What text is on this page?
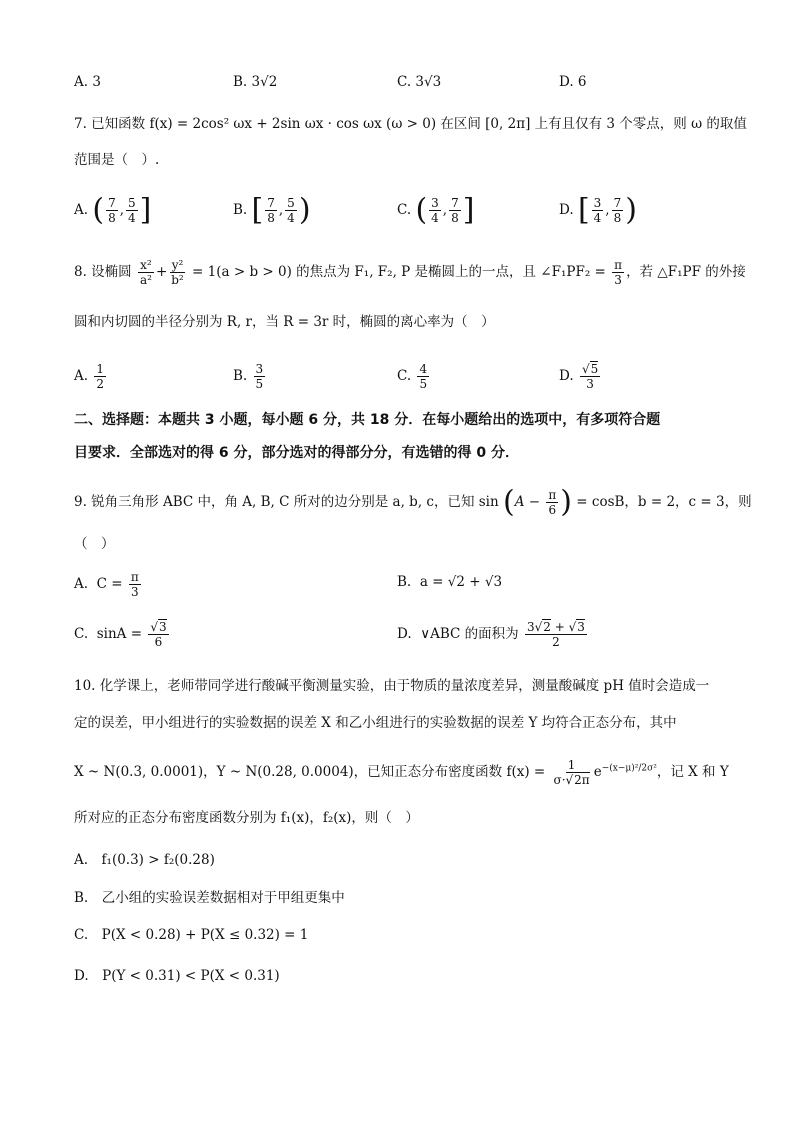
A. 3	B. 3√2	C. 3√3	D. 6
7. 已知函数 f(x) = 2cos² ωx + 2sin ωx · cos ωx (ω > 0) 在区间 [0, 2π] 上有且仅有 3 个零点，则 ω 的取值
范围是（　）.
A. ( $\frac{7}{8}$ , $\frac{5}{4}$ ]	B. [ $\frac{7}{8}$ , $\frac{5}{4}$ )	C. ( $\frac{3}{4}$ , $\frac{7}{8}$ ]	D. [ $\frac{3}{4}$ , $\frac{7}{8}$ )
8. 设椭圆 $\frac{\text{x²}}{\text{a²}} + \frac{\text{y²}}{\text{b²}} = 1(a > b > 0)$ 的焦点为 F₁, F₂, P 是椭圆上的一点，且 ∠F₁PF₂ = $\frac{\pi}{3}$ ，若 △F₁PF 的外接
圆和内切圆的半径分别为 R, r，当 R = 3r 时，椭圆的离心率为（　）
A. $\frac{1}{2}$	B. $\frac{3}{5}$	C. $\frac{4}{5}$	D. $\frac{√5}{3}$
二、选择题：本题共 3 小题，每小题 6 分，共 18 分．在每小题给出的选项中，有多项符合题
目要求．全部选对的得 6 分，部分选对的得部分分，有选错的得 0 分．
9. 锐角三角形 ABC 中，角 A, B, C 所对的边分别是 a, b, c，已知 $\sin (A - \frac{\pi}{6}$ ) = cosB，b = 2，c = 3，则
（　）
A. $C = \frac{\pi}{3}$	B. a = √2 + √3
C. $\sin A = \frac{√3}{6}$	D. ∨ABC 的面积为 $\frac{3√2 + √3}{2}$
10. 化学课上，老师带同学进行酸碱平衡测量实验，由于物质的量浓度差异，测量酸碱度 pH 值时会造成一
定的误差，甲小组进行的实验数据的误差 X 和乙小组进行的实验数据的误差 Y 均符合正态分布，其中
X ~ N(0.3, 0.0001)，Y ~ N(0.28, 0.0004)，已知正态分布密度函数 $f(x) = \frac{1}{\sigma\cdot√2\pi} e^{-(x-\mu)^2/2\sigma^2}$，记 X 和 Y
所对应的正态分布密度函数分别为 f₁(x)，f₂(x)，则（　）
A.　f₁(0.3) > f₂(0.28)
B.　乙小组的实验误差数据相对于甲组更集中
C.　P(X < 0.28) + P(X ≤ 0.32) = 1
D.　P(Y < 0.31) < P(X < 0.31)
